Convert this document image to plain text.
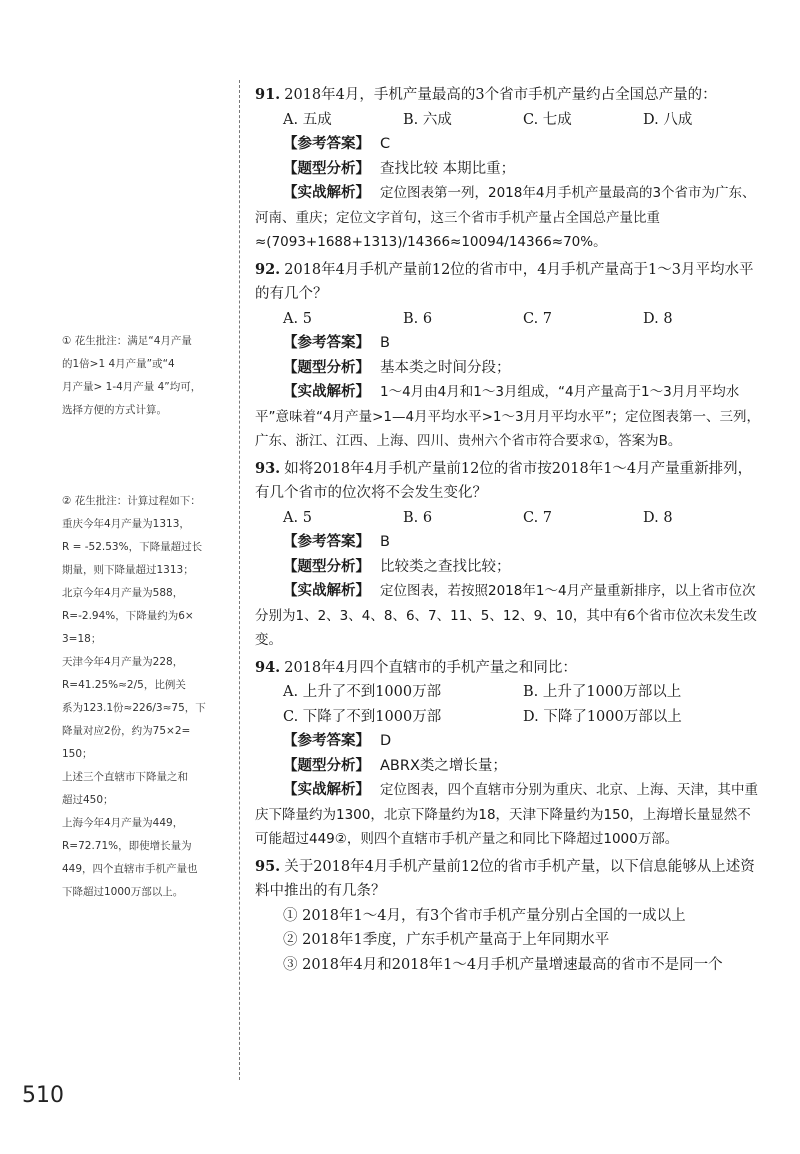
① 花生批注：满足“4月产量

的1倍>1 4月产量”或“4

月产量> 1-4月产量 4”均可，

选择方便的方式计算。

② 花生批注：计算过程如下：

重庆今年4月产量为1313，

R = -52.53%，下降量超过长

期量，则下降量超过1313；

北京今年4月产量为588，

R=-2.94%，下降量约为6×

3=18；

天津今年4月产量为228，

R=41.25%≈2/5，比例关

系为123.1份≈226/3≈75，下

降量对应2份，约为75×2=

150；

上述三个直辖市下降量之和

超过450；

上海今年4月产量为449，

R=72.71%，即使增长量为

449，四个直辖市手机产量也

下降超过1000万部以上。

91. 2018年4月，手机产量最高的3个省市手机产量约占全国总产量的：

A. 五成	B. 六成	C. 七成	D. 八成

【参考答案】 C

【题型分析】 查找比较 本期比重；

【实战解析】 定位图表第一列，2018年4月手机产量最高的3个省市为广东、河南、重庆；定位文字首句，这三个省市手机产量占全国总产量比重≈(7093+1688+1313)/14366≈10094/14366≈70%。

92. 2018年4月手机产量前12位的省市中，4月手机产量高于1～3月平均水平的有几个？

A. 5	B. 6	C. 7	D. 8

【参考答案】 B

【题型分析】 基本类之时间分段；

【实战解析】 1～4月由4月和1～3月组成，“4月产量高于1～3月月平均水平”意味着“4月产量>1—4月平均水平>1～3月月平均水平”；定位图表第一、三列，广东、浙江、江西、上海、四川、贵州六个省市符合要求①，答案为B。

93. 如将2018年4月手机产量前12位的省市按2018年1～4月产量重新排列，有几个省市的位次将不会发生变化？

A. 5	B. 6	C. 7	D. 8

【参考答案】 B

【题型分析】 比较类之查找比较；

【实战解析】 定位图表，若按照2018年1～4月产量重新排序，以上省市位次分别为1、2、3、4、8、6、7、11、5、12、9、10，其中有6个省市位次未发生改变。

94. 2018年4月四个直辖市的手机产量之和同比：

A. 上升了不到1000万部	B. 上升了1000万部以上
C. 下降了不到1000万部	D. 下降了1000万部以上

【参考答案】 D

【题型分析】 ABRX类之增长量；

【实战解析】 定位图表，四个直辖市分别为重庆、北京、上海、天津，其中重庆下降量约为1300，北京下降量约为18，天津下降量约为150，上海增长量显然不可能超过449②，则四个直辖市手机产量之和同比下降超过1000万部。

95. 关于2018年4月手机产量前12位的省市手机产量，以下信息能够从上述资料中推出的有几条？

① 2018年1～4月，有3个省市手机产量分别占全国的一成以上

② 2018年1季度，广东手机产量高于上年同期水平

③ 2018年4月和2018年1～4月手机产量增速最高的省市不是同一个

510
